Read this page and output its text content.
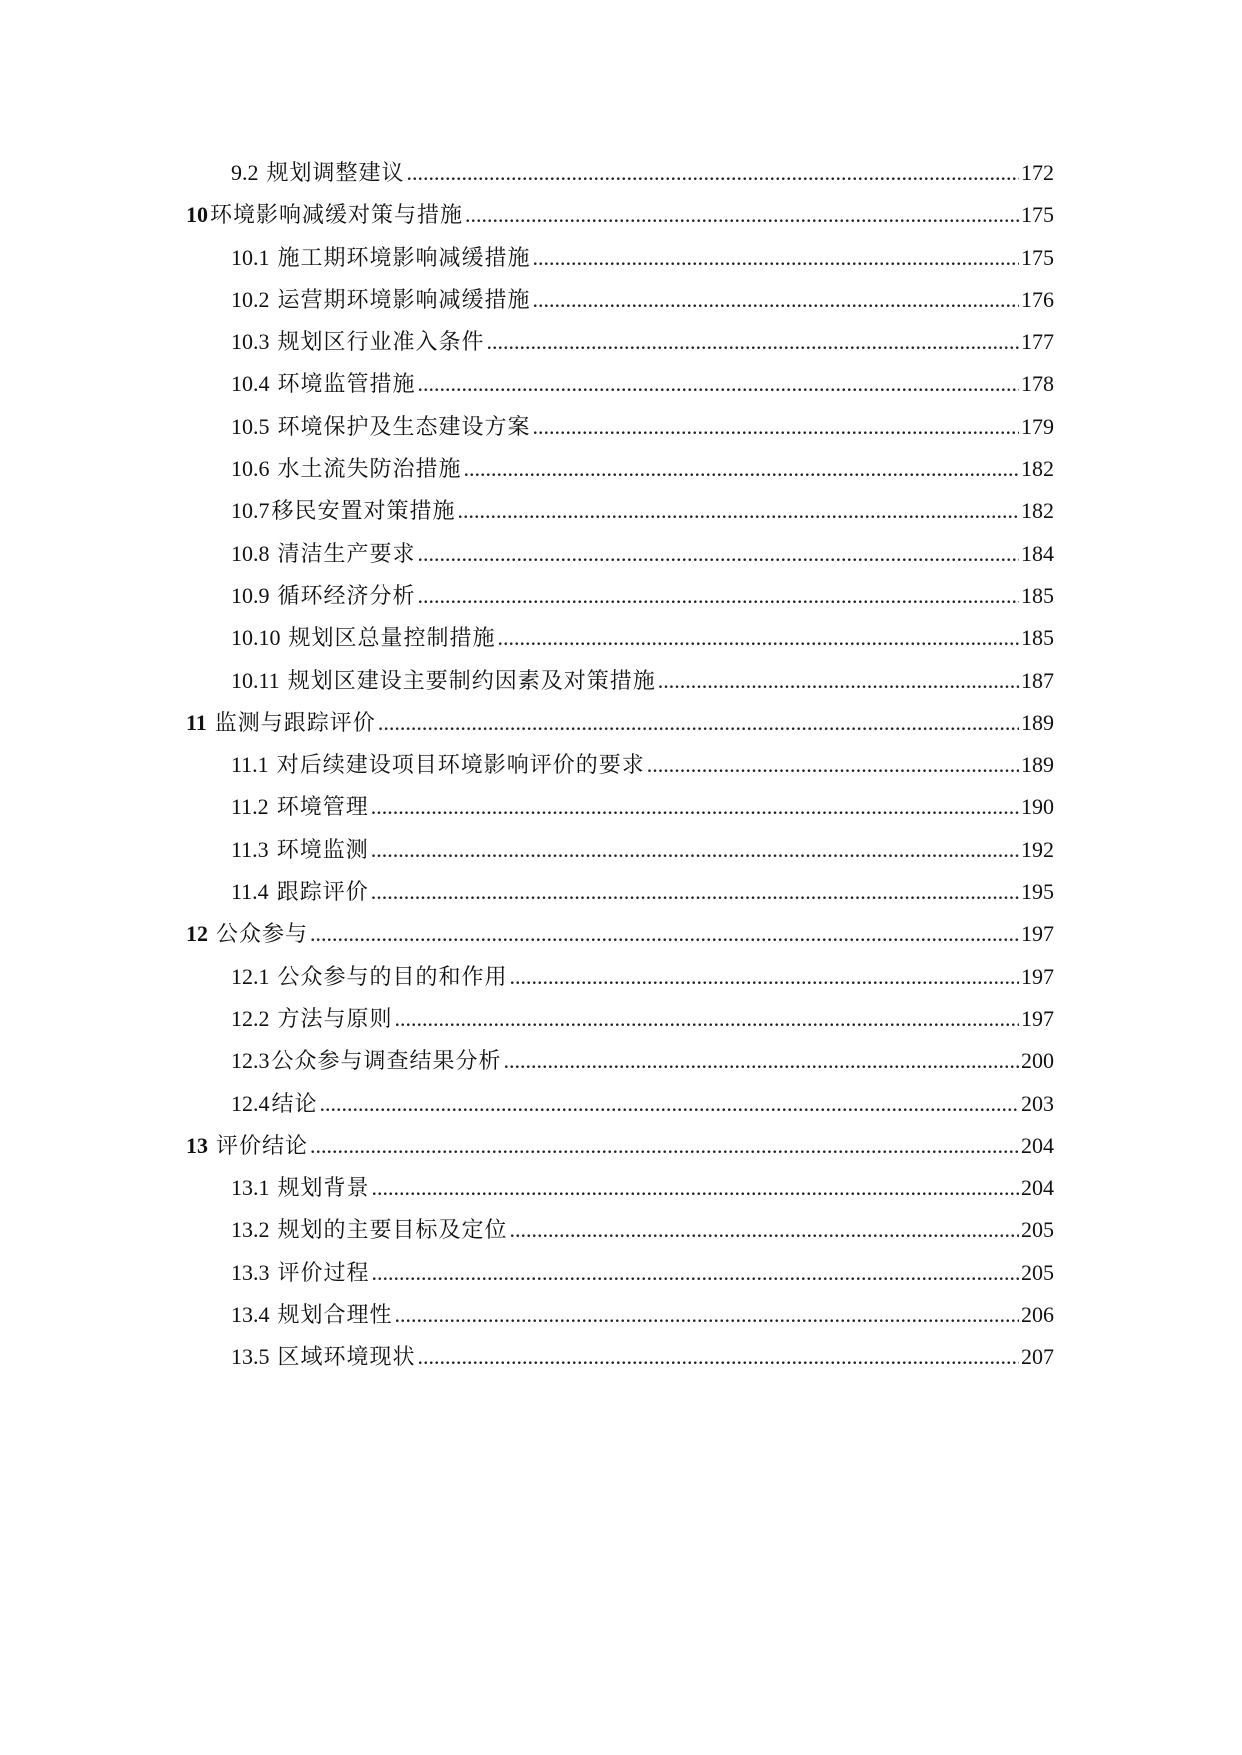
9.2 规划调整建议 .....	172
10 环境影响减缓对策与措施 .....	175
10.1 施工期环境影响减缓措施 .....	175
10.2 运营期环境影响减缓措施 .....	176
10.3 规划区行业准入条件 .....	177
10.4 环境监管措施 .....	178
10.5 环境保护及生态建设方案 .....	179
10.6 水土流失防治措施 .....	182
10.7 移民安置对策措施 .....	182
10.8 清洁生产要求 .....	184
10.9 循环经济分析 .....	185
10.10 规划区总量控制措施 .....	185
10.11 规划区建设主要制约因素及对策措施 .....	187
11 监测与跟踪评价 .....	189
11.1 对后续建设项目环境影响评价的要求 .....	189
11.2 环境管理 .....	190
11.3 环境监测 .....	192
11.4 跟踪评价 .....	195
12 公众参与 .....	197
12.1 公众参与的目的和作用 .....	197
12.2 方法与原则 .....	197
12.3 公众参与调查结果分析 .....	200
12.4 结论 .....	203
13 评价结论 .....	204
13.1 规划背景 .....	204
13.2 规划的主要目标及定位 .....	205
13.3 评价过程 .....	205
13.4 规划合理性 .....	206
13.5 区域环境现状 .....	207
